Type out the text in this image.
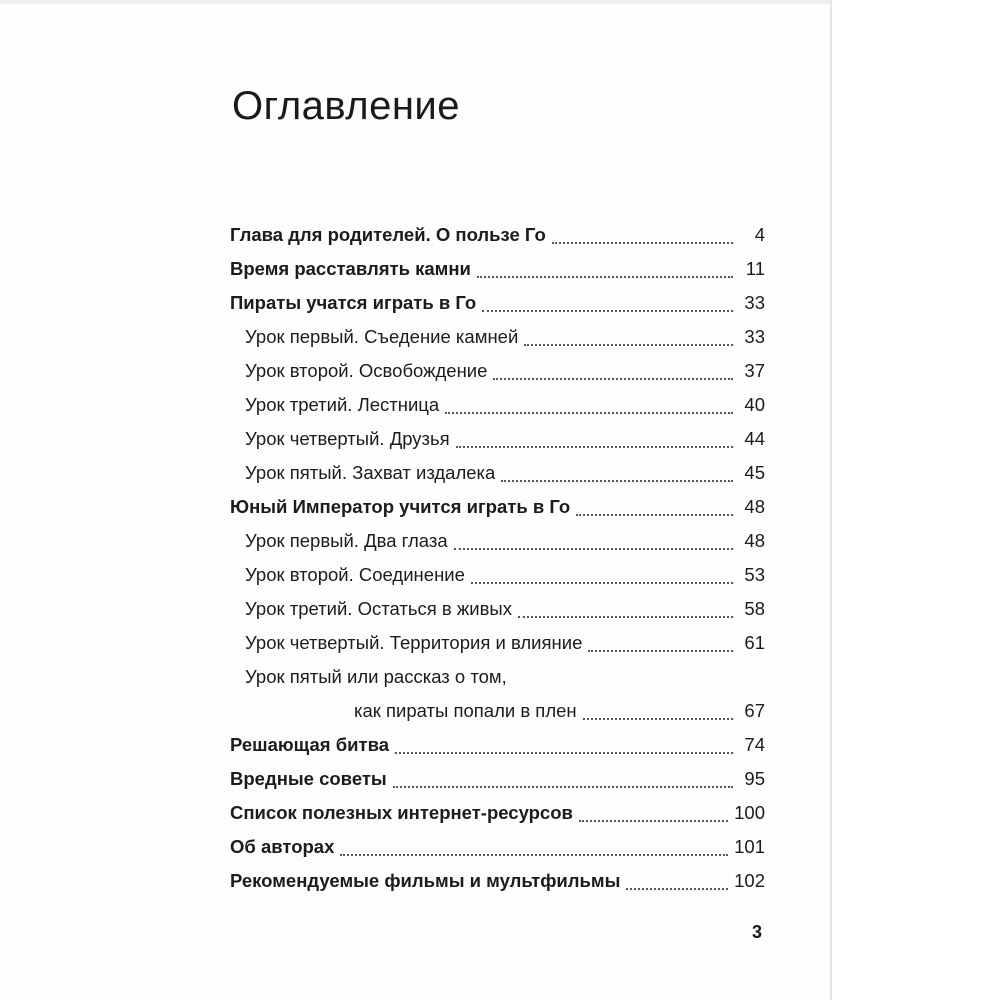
Оглавление
Глава для родителей. О пользе Го	4
Время расставлять камни	11
Пираты учатся играть в Го	33
Урок первый. Съедение камней	33
Урок второй. Освобождение	37
Урок третий. Лестница	40
Урок четвертый. Друзья	44
Урок пятый. Захват издалека	45
Юный Император учится играть в Го	48
Урок первый. Два глаза	48
Урок второй. Соединение	53
Урок третий. Остаться в живых	58
Урок четвертый. Территория и влияние	61
Урок пятый или рассказ о том,
как пираты попали в плен	67
Решающая битва	74
Вредные советы	95
Список полезных интернет-ресурсов	100
Об авторах	101
Рекомендуемые фильмы и мультфильмы	102
3
